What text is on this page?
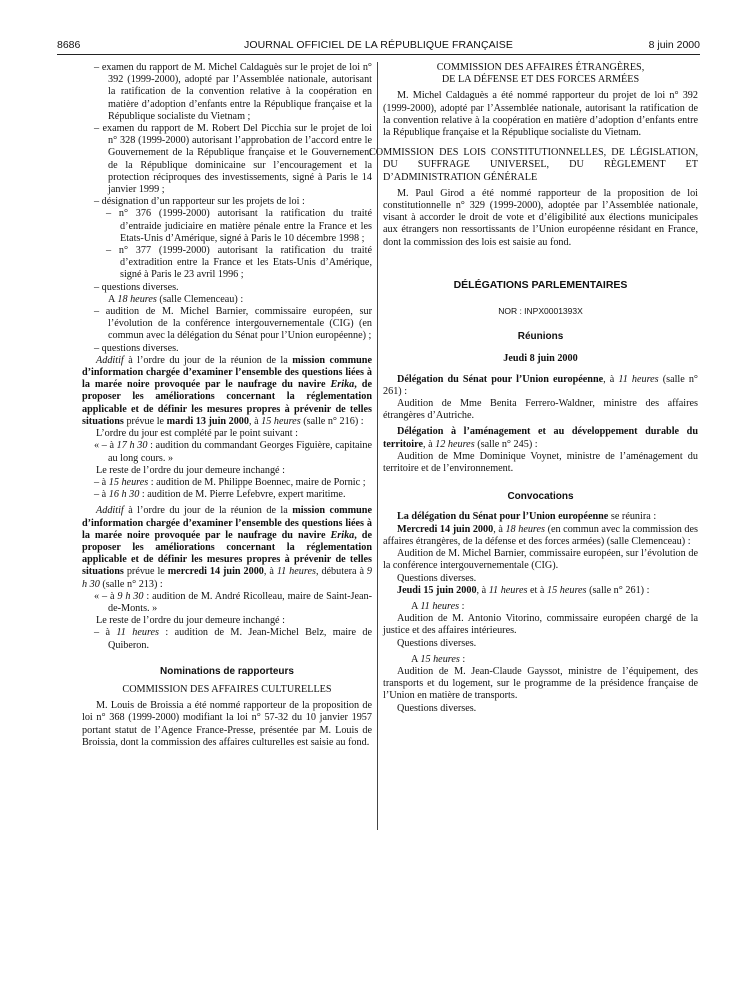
8686	JOURNAL OFFICIEL DE LA RÉPUBLIQUE FRANÇAISE	8 juin 2000

– examen du rapport de M. Michel Caldaguès sur le projet de loi n° 392 (1999-2000), adopté par l’Assemblée nationale, autorisant la ratification de la convention relative à la coopération en matière d’adoption d’enfants entre la République française et la République socialiste du Vietnam ;

– examen du rapport de M. Robert Del Picchia sur le projet de loi n° 328 (1999-2000) autorisant l’approbation de l’accord entre le Gouvernement de la République française et le Gouvernement de la République dominicaine sur l’encouragement et la protection réciproques des investissements, signé à Paris le 14 janvier 1999 ;

– désignation d’un rapporteur sur les projets de loi :

– n° 376 (1999-2000) autorisant la ratification du traité d’entraide judiciaire en matière pénale entre la France et les Etats-Unis d’Amérique, signé à Paris le 10 décembre 1998 ;

– n° 377 (1999-2000) autorisant la ratification du traité d’extradition entre la France et les Etats-Unis d’Amérique, signé à Paris le 23 avril 1996 ;

– questions diverses.

A 18 heures (salle Clemenceau) :

– audition de M. Michel Barnier, commissaire européen, sur l’évolution de la conférence intergouvernementale (CIG) (en commun avec la délégation du Sénat pour l’Union européenne) ;

– questions diverses.

Additif à l’ordre du jour de la réunion de la mission commune d’information chargée d’examiner l’ensemble des questions liées à la marée noire provoquée par le naufrage du navire Erika, de proposer les améliorations concernant la réglementation applicable et de définir les mesures propres à prévenir de telles situations prévue le mardi 13 juin 2000, à 15 heures (salle n° 216) :

L’ordre du jour est complété par le point suivant :

« – à 17 h 30 : audition du commandant Georges Figuière, capitaine au long cours. »

Le reste de l’ordre du jour demeure inchangé :

– à 15 heures : audition de M. Philippe Boennec, maire de Pornic ;

– à 16 h 30 : audition de M. Pierre Lefebvre, expert maritime.

Additif à l’ordre du jour de la réunion de la mission commune d’information chargée d’examiner l’ensemble des questions liées à la marée noire provoquée par le naufrage du navire Erika, de proposer les améliorations concernant la réglementation applicable et de définir les mesures propres à prévenir de telles situations prévue le mercredi 14 juin 2000, à 11 heures, débutera à 9 h 30 (salle n° 213) :

« – à 9 h 30 : audition de M. André Ricolleau, maire de Saint-Jean-de-Monts. »

Le reste de l’ordre du jour demeure inchangé :

– à 11 heures : audition de M. Jean-Michel Belz, maire de Quiberon.

Nominations de rapporteurs

COMMISSION DES AFFAIRES CULTURELLES

M. Louis de Broissia a été nommé rapporteur de la proposition de loi n° 368 (1999-2000) modifiant la loi n° 57-32 du 10 janvier 1957 portant statut de l’Agence France-Presse, présentée par M. Louis de Broissia, dont la commission des affaires culturelles est saisie au fond.

COMMISSION DES AFFAIRES ÉTRANGÈRES,

DE LA DÉFENSE ET DES FORCES ARMÉES

M. Michel Caldaguès a été nommé rapporteur du projet de loi n° 392 (1999-2000), adopté par l’Assemblée nationale, autorisant la ratification de la convention relative à la coopération en matière d’adoption d’enfants entre la République française et la République socialiste du Vietnam.

COMMISSION DES LOIS CONSTITUTIONNELLES, DE LÉGISLATION, DU SUFFRAGE UNIVERSEL, DU RÈGLEMENT ET D’ADMINISTRATION GÉNÉRALE

M. Paul Girod a été nommé rapporteur de la proposition de loi constitutionnelle n° 329 (1999-2000), adoptée par l’Assemblée nationale, visant à accorder le droit de vote et d’éligibilité aux élections municipales aux étrangers non ressortissants de l’Union européenne résidant en France, dont la commission des lois est saisie au fond.

DÉLÉGATIONS PARLEMENTAIRES

NOR : INPX0001393X

Réunions

Jeudi 8 juin 2000

Délégation du Sénat pour l’Union européenne, à 11 heures (salle n° 261) :

Audition de Mme Benita Ferrero-Waldner, ministre des affaires étrangères d’Autriche.

Délégation à l’aménagement et au développement durable du territoire, à 12 heures (salle n° 245) :

Audition de Mme Dominique Voynet, ministre de l’aménagement du territoire et de l’environnement.

Convocations

La délégation du Sénat pour l’Union européenne se réunira :

Mercredi 14 juin 2000, à 18 heures (en commun avec la commission des affaires étrangères, de la défense et des forces armées) (salle Clemenceau) :

Audition de M. Michel Barnier, commissaire européen, sur l’évolution de la conférence intergouvernementale (CIG).

Questions diverses.

Jeudi 15 juin 2000, à 11 heures et à 15 heures (salle n° 261) :

A 11 heures :

Audition de M. Antonio Vitorino, commissaire européen chargé de la justice et des affaires intérieures.

Questions diverses.

A 15 heures :

Audition de M. Jean-Claude Gayssot, ministre de l’équipement, des transports et du logement, sur le programme de la présidence française de l’Union en matière de transports.

Questions diverses.
